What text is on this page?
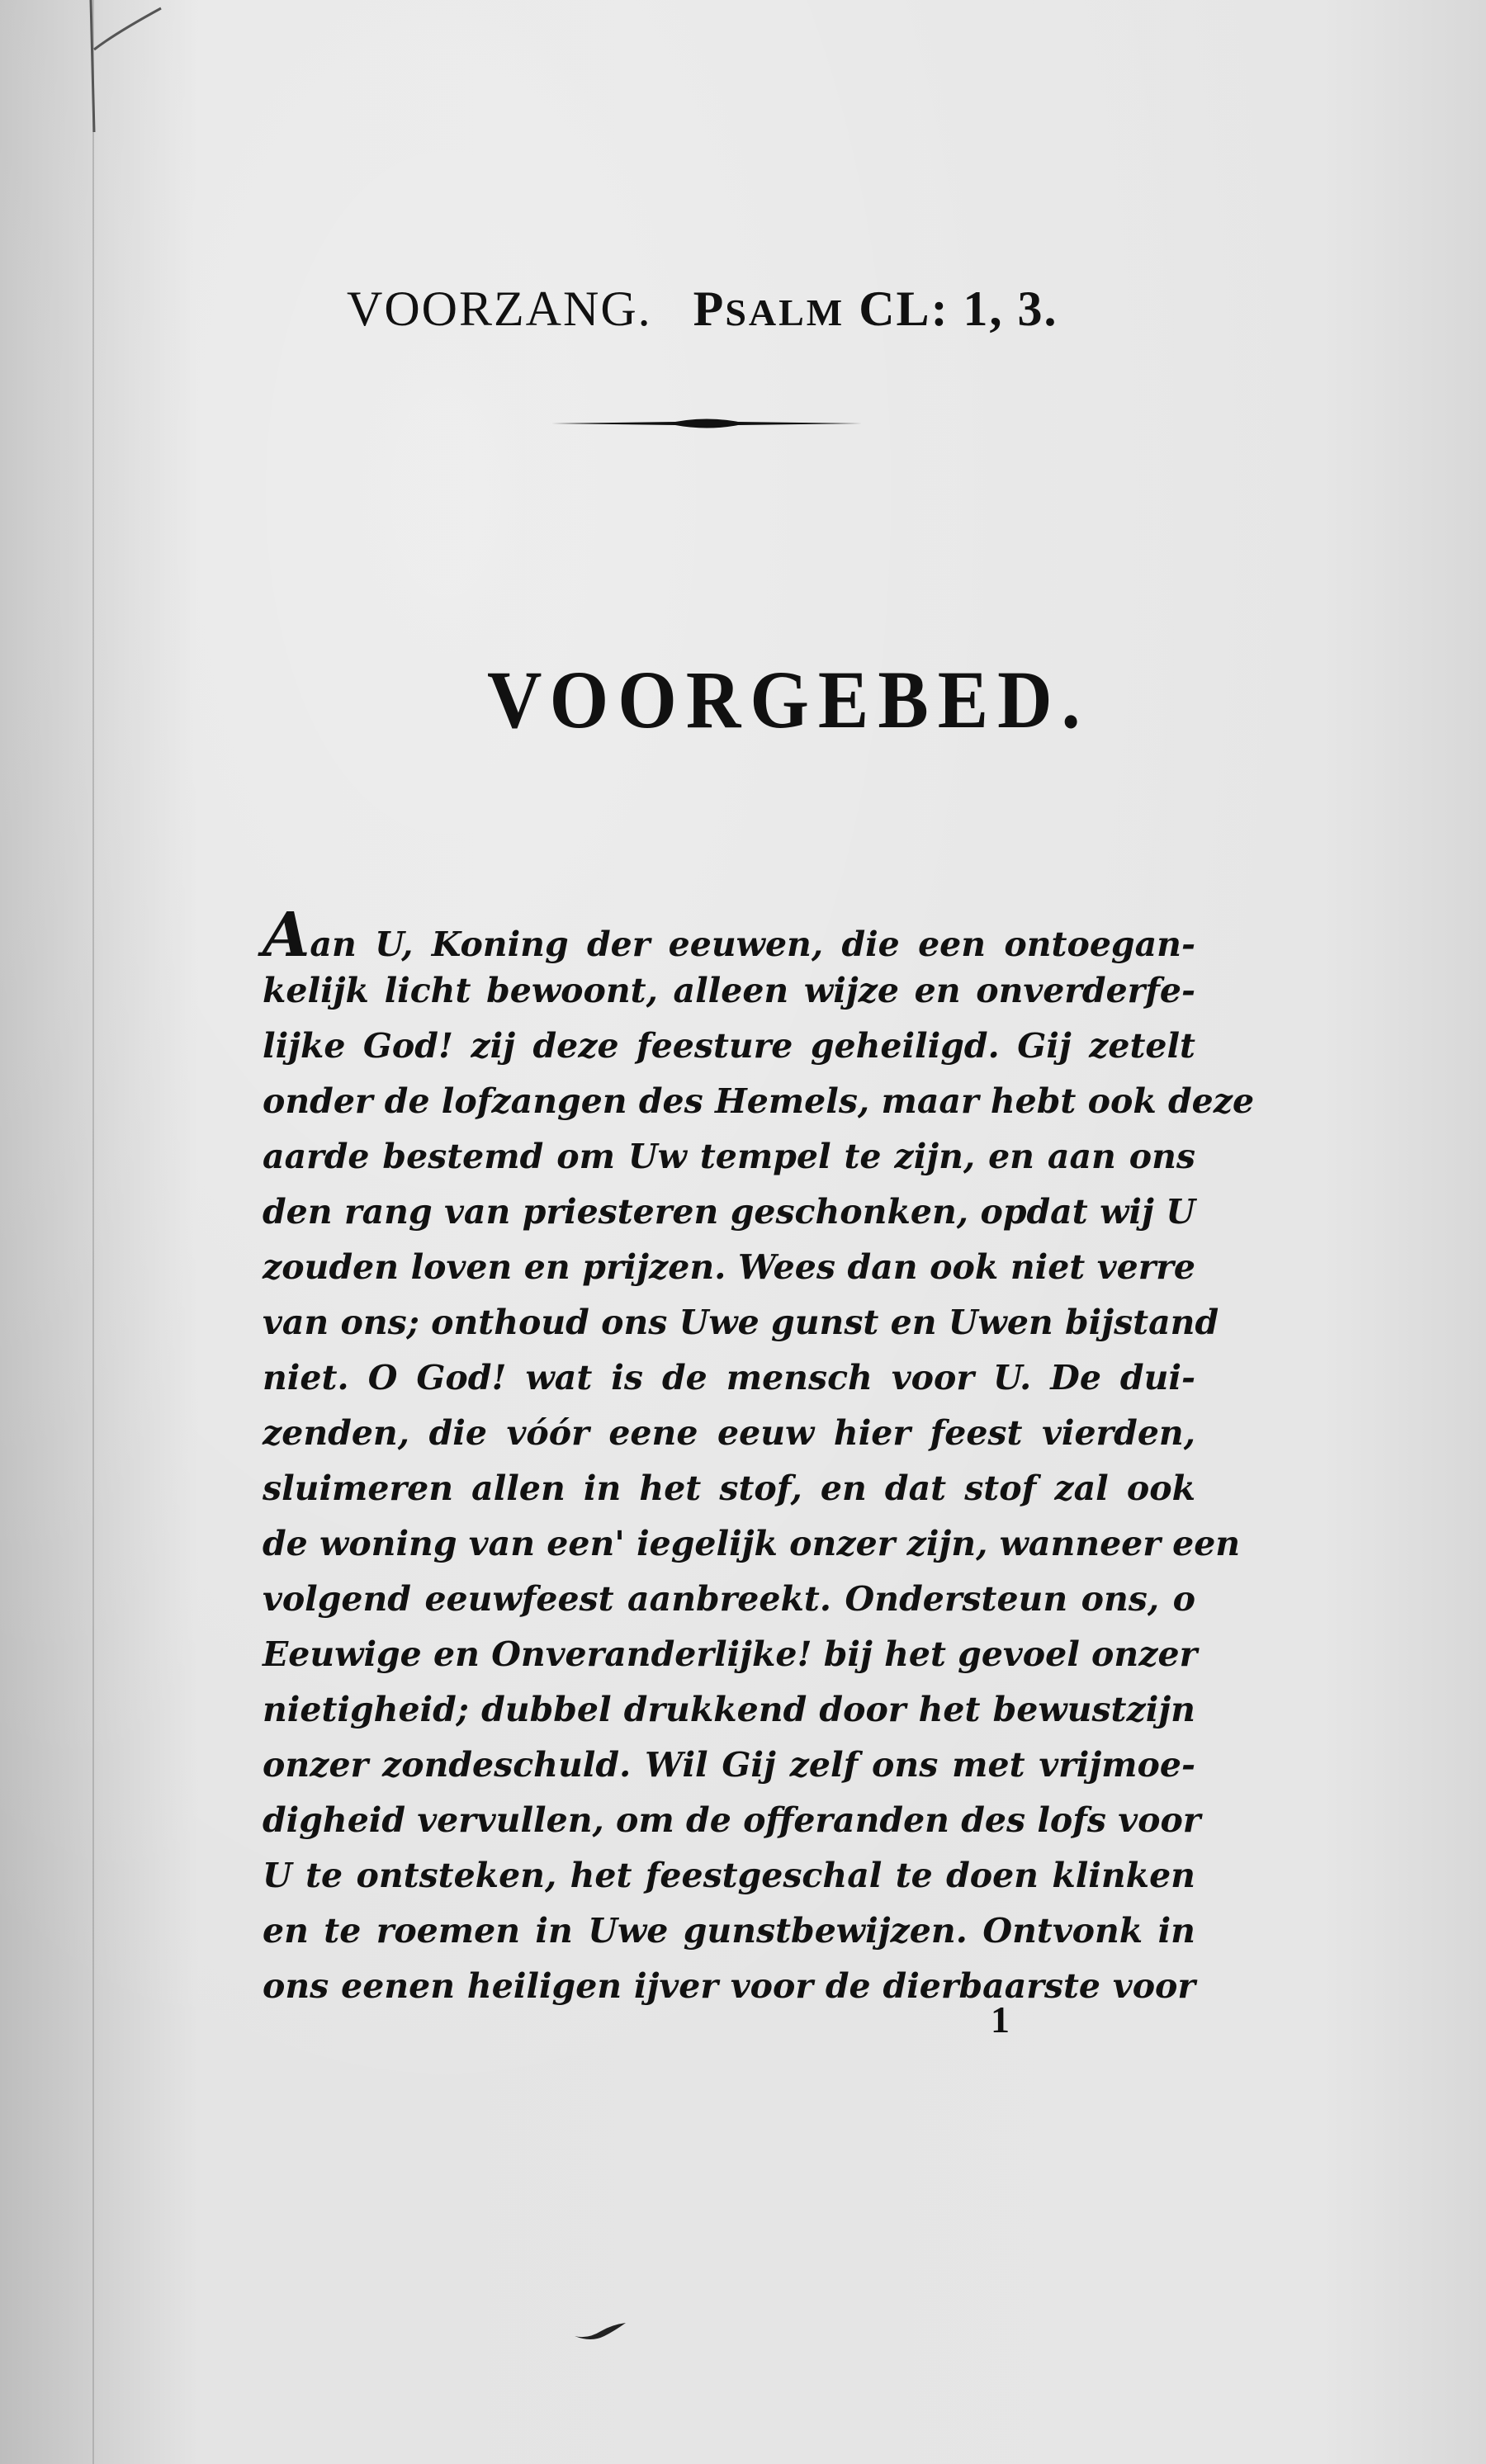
VOORZANG. PSALM CL: 1, 3.
VOORGEBED.
Aan U, Koning der eeuwen, die een ontoegan-
kelijk licht bewoont, alleen wijze en onverderfe-
lijke God! zij deze feesture geheiligd. Gij zetelt
onder de lofzangen des Hemels, maar hebt ook deze
aarde bestemd om Uw tempel te zijn, en aan ons
den rang van priesteren geschonken, opdat wij U
zouden loven en prijzen. Wees dan ook niet verre
van ons; onthoud ons Uwe gunst en Uwen bijstand
niet. O God! wat is de mensch voor U. De dui-
zenden, die vóór eene eeuw hier feest vierden,
sluimeren allen in het stof, en dat stof zal ook
de woning van een' iegelijk onzer zijn, wanneer een
volgend eeuwfeest aanbreekt. Ondersteun ons, o
Eeuwige en Onveranderlijke! bij het gevoel onzer
nietigheid; dubbel drukkend door het bewustzijn
onzer zondeschuld. Wil Gij zelf ons met vrijmoe-
digheid vervullen, om de offeranden des lofs voor
U te ontsteken, het feestgeschal te doen klinken
en te roemen in Uwe gunstbewijzen. Ontvonk in
ons eenen heiligen ijver voor de dierbaarste voor
1
